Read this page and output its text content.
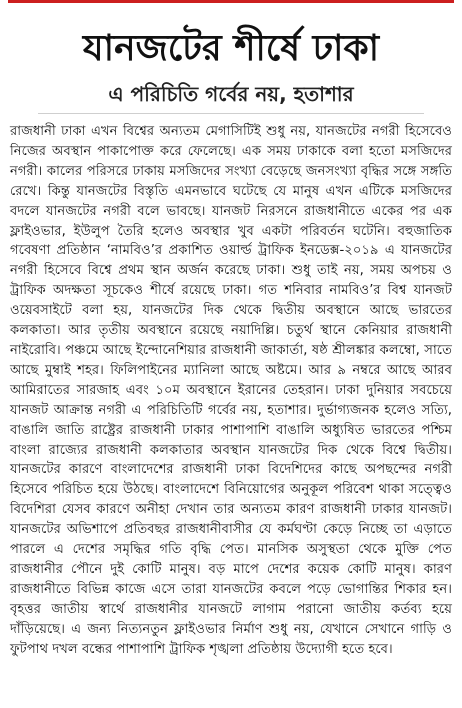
যানজটের শীর্ষে ঢাকা
এ পরিচিতি গর্বের নয়, হতাশার

রাজধানী ঢাকা এখন বিশ্বের অন্যতম মেগাসিটিই শুধু নয়, যানজটের নগরী হিসেবেও নিজের অবস্থান পাকাপোক্ত করে ফেলেছে। এক সময় ঢাকাকে বলা হতো মসজিদের নগরী। কালের পরিসরে ঢাকায় মসজিদের সংখ্যা বেড়েছে জনসংখ্যা বৃদ্ধির সঙ্গে সঙ্গতি রেখে। কিন্তু যানজটের বিস্তৃতি এমনভাবে ঘটেছে যে মানুষ এখন এটিকে মসজিদের বদলে যানজটের নগরী বলে ভাবছে। যানজট নিরসনে রাজধানীতে একের পর এক ফ্লাইওভার, ইউলুপ তৈরি হলেও অবস্থার খুব একটা পরিবর্তন ঘটেনি। বহুজাতিক গবেষণা প্রতিষ্ঠান ‘নামবিও’র প্রকাশিত ওয়ার্ল্ড ট্রাফিক ইনডেক্স-২০১৯ এ যানজটের নগরী হিসেবে বিশ্বে প্রথম স্থান অর্জন করেছে ঢাকা। শুধু তাই নয়, সময় অপচয় ও ট্রাফিক অদক্ষতা সূচকেও শীর্ষে রয়েছে ঢাকা। গত শনিবার নামবিও’র বিশ্ব যানজট ওয়েবসাইটে বলা হয়, যানজটের দিক থেকে দ্বিতীয় অবস্থানে আছে ভারতের কলকাতা। আর তৃতীয় অবস্থানে রয়েছে নয়াদিল্লি। চতুর্থ স্থানে কেনিয়ার রাজধানী নাইরোবি। পঞ্চমে আছে ইন্দোনেশিয়ার রাজধানী জাকার্তা, ষষ্ঠ শ্রীলঙ্কার কলম্বো, সাতে আছে মুম্বাই শহর। ফিলিপাইনের ম্যানিলা আছে অষ্টমে। আর ৯ নম্বরে আছে আরব আমিরাতের সারজাহ এবং ১০ম অবস্থানে ইরানের তেহরান। ঢাকা দুনিয়ার সবচেয়ে যানজট আক্রান্ত নগরী এ পরিচিতিটি গর্বের নয়, হতাশার। দুর্ভাগ্যজনক হলেও সত্যি, বাঙালি জাতি রাষ্ট্রের রাজধানী ঢাকার পাশাপাশি বাঙালি অধ্যুষিত ভারতের পশ্চিম বাংলা রাজ্যের রাজধানী কলকাতার অবস্থান যানজটের দিক থেকে বিশ্বে দ্বিতীয়। যানজটের কারণে বাংলাদেশের রাজধানী ঢাকা বিদেশিদের কাছে অপছন্দের নগরী হিসেবে পরিচিত হয়ে উঠছে। বাংলাদেশে বিনিয়োগের অনুকূল পরিবেশ থাকা সত্ত্বেও বিদেশিরা যেসব কারণে অনীহা দেখান তার অন্যতম কারণ রাজধানী ঢাকার যানজট। যানজটের অভিশাপে প্রতিবছর রাজধানীবাসীর যে কর্মঘণ্টা কেড়ে নিচ্ছে তা এড়াতে পারলে এ দেশের সমৃদ্ধির গতি বৃদ্ধি পেত। মানসিক অসুস্থতা থেকে মুক্তি পেত রাজধানীর পৌনে দুই কোটি মানুষ। বড় মাপে দেশের কয়েক কোটি মানুষ। কারণ রাজধানীতে বিভিন্ন কাজে এসে তারা যানজটের কবলে পড়ে ভোগান্তির শিকার হন। বৃহত্তর জাতীয় স্বার্থে রাজধানীর যানজটে লাগাম পরানো জাতীয় কর্তব্য হয়ে দাঁড়িয়েছে। এ জন্য নিত্যনতুন ফ্লাইওভার নির্মাণ শুধু নয়, যেখানে সেখানে গাড়ি ও ফুটপাথ দখল বন্ধের পাশাপাশি ট্রাফিক শৃঙ্খলা প্রতিষ্ঠায় উদ্যোগী হতে হবে।
